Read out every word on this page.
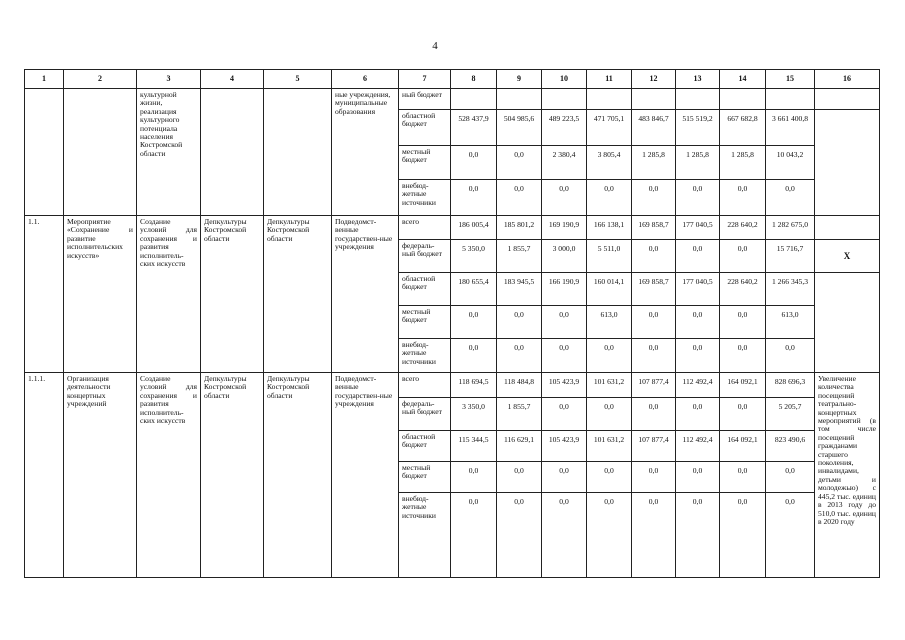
4
1	2	3	4	5	6	7	8	9	10	11	12	13	14	15	16
		культурной жизни, реализация культурного потенциала населения Костромской области			ные учреждения, муниципальные образования	ный бюджет									
						областной бюджет	528 437,9	504 985,6	489 223,5	471 705,1	483 846,7	515 519,2	667 682,8	3 661 400,8	
						местный бюджет	0,0	0,0	2 380,4	3 805,4	1 285,8	1 285,8	1 285,8	10 043,2	
						внебюд-жетные источники	0,0	0,0	0,0	0,0	0,0	0,0	0,0	0,0	
1.1.	Мероприятие «Сохранение и развитие исполнительских искусств»	Создание условий для сохранения и развития исполнитель-ских искусств	Депкультуры Костромской области	Депкультуры Костромской области	Подведомст-венные государствен-ные учреждения	всего	186 005,4	185 801,2	169 190,9	166 138,1	169 858,7	177 040,5	228 640,2	1 282 675,0	
						федераль-ный бюджет	5 350,0	1 855,7	3 000,0	5 511,0	0,0	0,0	0,0	15 716,7	X
						областной бюджет	180 655,4	183 945,5	166 190,9	160 014,1	169 858,7	177 040,5	228 640,2	1 266 345,3	
						местный бюджет	0,0	0,0	0,0	613,0	0,0	0,0	0,0	613,0	
						внебюд-жетные источники	0,0	0,0	0,0	0,0	0,0	0,0	0,0	0,0	
1.1.1.	Организация деятельности концертных учреждений	Создание условий для сохранения и развития исполнитель-ских искусств	Депкультуры Костромской области	Депкультуры Костромской области	Подведомст-венные государствен-ные учреждения	всего	118 694,5	118 484,8	105 423,9	101 631,2	107 877,4	112 492,4	164 092,1	828 696,3	Увеличение количества посещений театрально-концертных мероприятий (в том числе посещений гражданами старшего поколения, инвалидами, детьми и молодежью) с 445,2 тыс. единиц в 2013 году до 510,0 тыс. единиц в 2020 году
						федераль-ный бюджет	3 350,0	1 855,7	0,0	0,0	0,0	0,0	0,0	5 205,7	
						областной бюджет	115 344,5	116 629,1	105 423,9	101 631,2	107 877,4	112 492,4	164 092,1	823 490,6	
						местный бюджет	0,0	0,0	0,0	0,0	0,0	0,0	0,0	0,0	
						внебюд-жетные источники	0,0	0,0	0,0	0,0	0,0	0,0	0,0	0,0	
